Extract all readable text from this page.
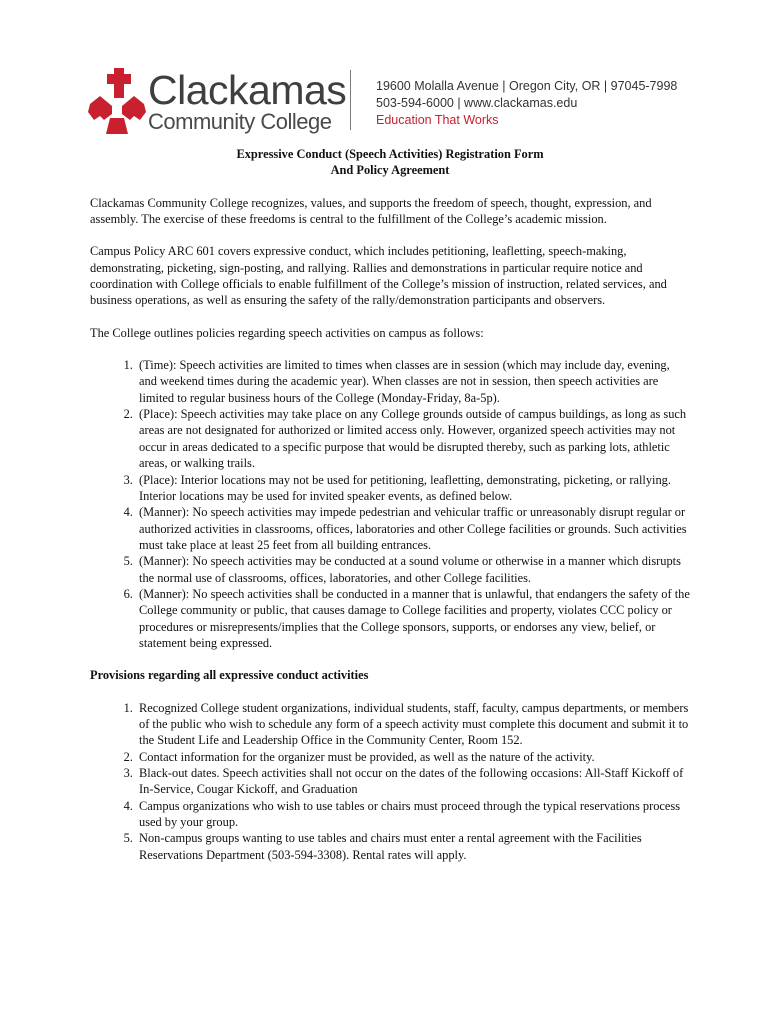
Clackamas
Community College
19600 Molalla Avenue | Oregon City, OR | 97045-7998
503-594-6000 | www.clackamas.edu
Education That Works

Expressive Conduct (Speech Activities) Registration Form
And Policy Agreement

Clackamas Community College recognizes, values, and supports the freedom of speech, thought, expression, and assembly. The exercise of these freedoms is central to the fulfillment of the College’s academic mission.

Campus Policy ARC 601 covers expressive conduct, which includes petitioning, leafletting, speech-making, demonstrating, picketing, sign-posting, and rallying. Rallies and demonstrations in particular require notice and coordination with College officials to enable fulfillment of the College’s mission of instruction, related services, and business operations, as well as ensuring the safety of the rally/demonstration participants and observers.

The College outlines policies regarding speech activities on campus as follows:

1. (Time): Speech activities are limited to times when classes are in session (which may include day, evening, and weekend times during the academic year). When classes are not in session, then speech activities are limited to regular business hours of the College (Monday-Friday, 8a-5p).
2. (Place): Speech activities may take place on any College grounds outside of campus buildings, as long as such areas are not designated for authorized or limited access only. However, organized speech activities may not occur in areas dedicated to a specific purpose that would be disrupted thereby, such as parking lots, athletic areas, or walking trails.
3. (Place): Interior locations may not be used for petitioning, leafletting, demonstrating, picketing, or rallying. Interior locations may be used for invited speaker events, as defined below.
4. (Manner): No speech activities may impede pedestrian and vehicular traffic or unreasonably disrupt regular or authorized activities in classrooms, offices, laboratories and other College facilities or grounds. Such activities must take place at least 25 feet from all building entrances.
5. (Manner): No speech activities may be conducted at a sound volume or otherwise in a manner which disrupts the normal use of classrooms, offices, laboratories, and other College facilities.
6. (Manner): No speech activities shall be conducted in a manner that is unlawful, that endangers the safety of the College community or public, that causes damage to College facilities and property, violates CCC policy or procedures or misrepresents/implies that the College sponsors, supports, or endorses any view, belief, or statement being expressed.

Provisions regarding all expressive conduct activities

1. Recognized College student organizations, individual students, staff, faculty, campus departments, or members of the public who wish to schedule any form of a speech activity must complete this document and submit it to the Student Life and Leadership Office in the Community Center, Room 152.
2. Contact information for the organizer must be provided, as well as the nature of the activity.
3. Black-out dates. Speech activities shall not occur on the dates of the following occasions: All-Staff Kickoff of In-Service, Cougar Kickoff, and Graduation
4. Campus organizations who wish to use tables or chairs must proceed through the typical reservations process used by your group.
5. Non-campus groups wanting to use tables and chairs must enter a rental agreement with the Facilities Reservations Department (503-594-3308). Rental rates will apply.
